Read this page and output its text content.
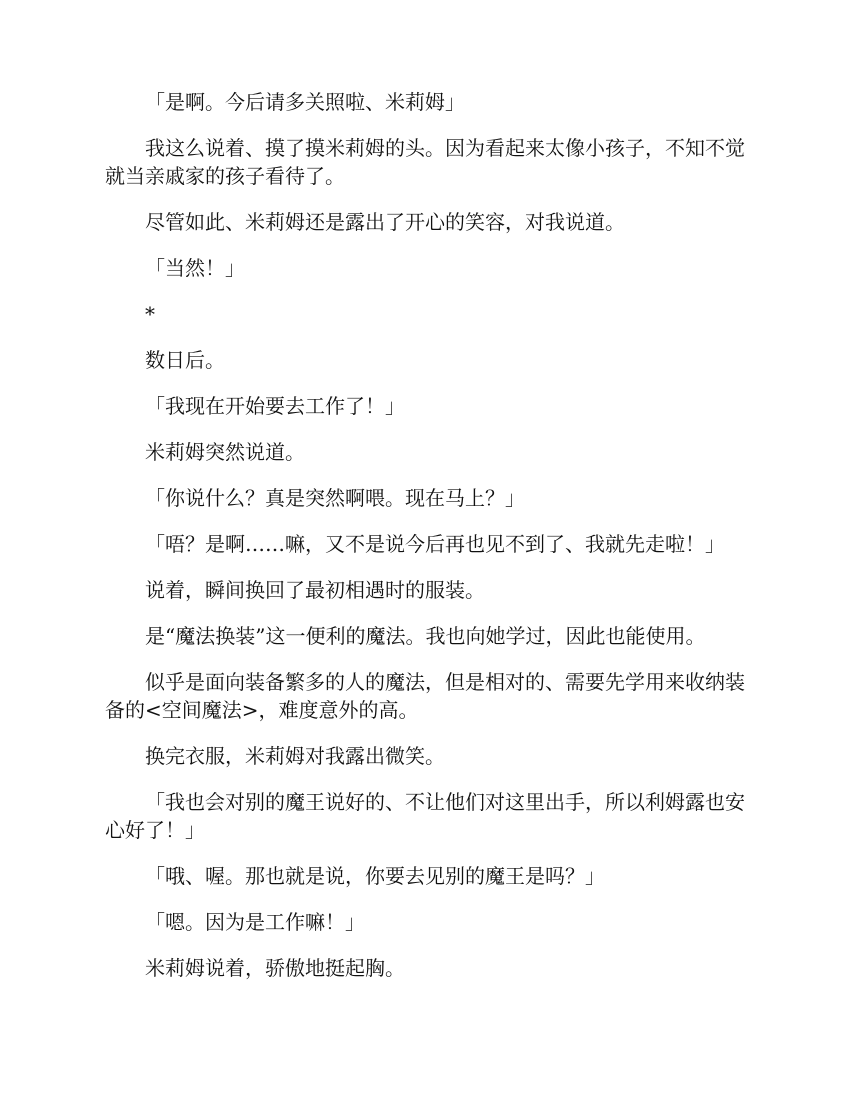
「是啊。今后请多关照啦、米莉姆」

我这么说着、摸了摸米莉姆的头。因为看起来太像小孩子，不知不觉就当亲戚家的孩子看待了。

尽管如此、米莉姆还是露出了开心的笑容，对我说道。

「当然！」

*

数日后。

「我现在开始要去工作了！」

米莉姆突然说道。

「你说什么？真是突然啊喂。现在马上？」

「唔？是啊……嘛，又不是说今后再也见不到了、我就先走啦！」

说着，瞬间换回了最初相遇时的服装。

是“魔法换装”这一便利的魔法。我也向她学过，因此也能使用。

似乎是面向装备繁多的人的魔法，但是相对的、需要先学用来收纳装备的<空间魔法>，难度意外的高。

换完衣服，米莉姆对我露出微笑。

「我也会对别的魔王说好的、不让他们对这里出手，所以利姆露也安心好了！」

「哦、喔。那也就是说，你要去见别的魔王是吗？」

「嗯。因为是工作嘛！」

米莉姆说着，骄傲地挺起胸。
